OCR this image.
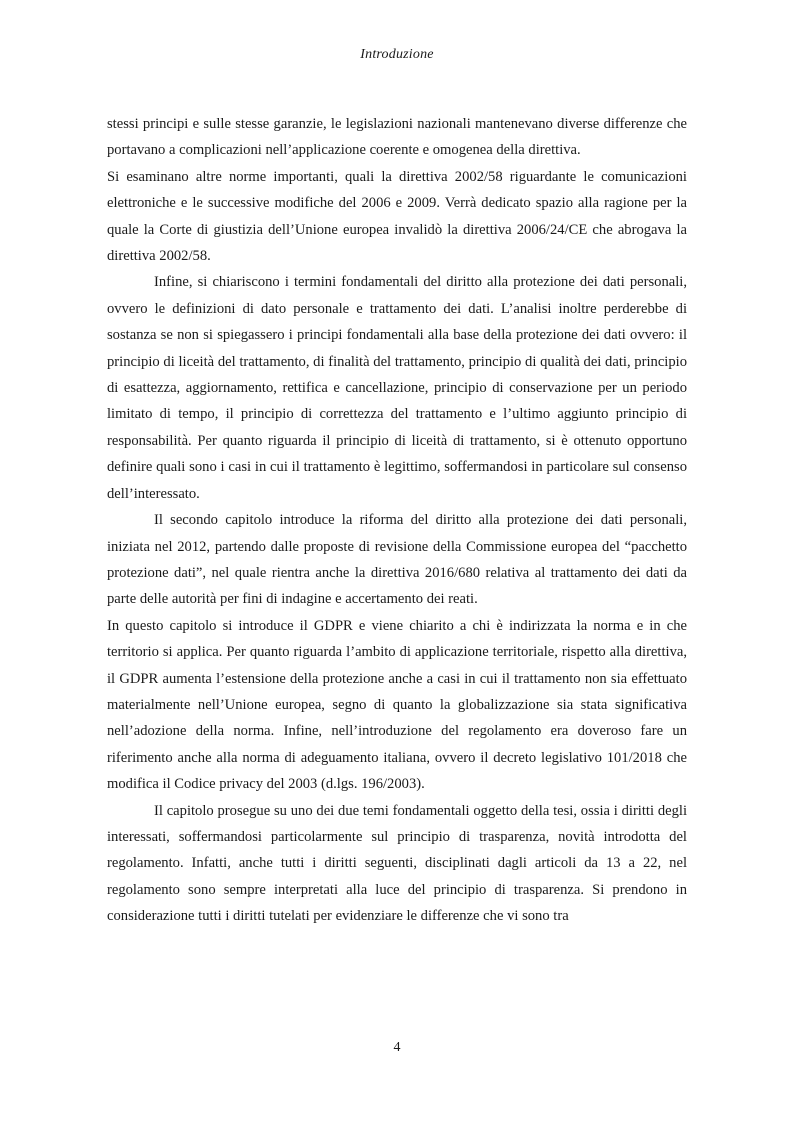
Introduzione

stessi principi e sulle stesse garanzie, le legislazioni nazionali mantenevano diverse differenze che portavano a complicazioni nell’applicazione coerente e omogenea della direttiva.

Si esaminano altre norme importanti, quali la direttiva 2002/58 riguardante le comunicazioni elettroniche e le successive modifiche del 2006 e 2009. Verrà dedicato spazio alla ragione per la quale la Corte di giustizia dell’Unione europea invalidò la direttiva 2006/24/CE che abrogava la direttiva 2002/58.

Infine, si chiariscono i termini fondamentali del diritto alla protezione dei dati personali, ovvero le definizioni di dato personale e trattamento dei dati. L’analisi inoltre perderebbe di sostanza se non si spiegassero i principi fondamentali alla base della protezione dei dati ovvero: il principio di liceità del trattamento, di finalità del trattamento, principio di qualità dei dati, principio di esattezza, aggiornamento, rettifica e cancellazione, principio di conservazione per un periodo limitato di tempo, il principio di correttezza del trattamento e l’ultimo aggiunto principio di responsabilità. Per quanto riguarda il principio di liceità di trattamento, si è ottenuto opportuno definire quali sono i casi in cui il trattamento è legittimo, soffermandosi in particolare sul consenso dell’interessato.

Il secondo capitolo introduce la riforma del diritto alla protezione dei dati personali, iniziata nel 2012, partendo dalle proposte di revisione della Commissione europea del “pacchetto protezione dati”, nel quale rientra anche la direttiva 2016/680 relativa al trattamento dei dati da parte delle autorità per fini di indagine e accertamento dei reati.

In questo capitolo si introduce il GDPR e viene chiarito a chi è indirizzata la norma e in che territorio si applica. Per quanto riguarda l’ambito di applicazione territoriale, rispetto alla direttiva, il GDPR aumenta l’estensione della protezione anche a casi in cui il trattamento non sia effettuato materialmente nell’Unione europea, segno di quanto la globalizzazione sia stata significativa nell’adozione della norma. Infine, nell’introduzione del regolamento era doveroso fare un riferimento anche alla norma di adeguamento italiana, ovvero il decreto legislativo 101/2018 che modifica il Codice privacy del 2003 (d.lgs. 196/2003).

Il capitolo prosegue su uno dei due temi fondamentali oggetto della tesi, ossia i diritti degli interessati, soffermandosi particolarmente sul principio di trasparenza, novità introdotta del regolamento. Infatti, anche tutti i diritti seguenti, disciplinati dagli articoli da 13 a 22, nel regolamento sono sempre interpretati alla luce del principio di trasparenza. Si prendono in considerazione tutti i diritti tutelati per evidenziare le differenze che vi sono tra

4
